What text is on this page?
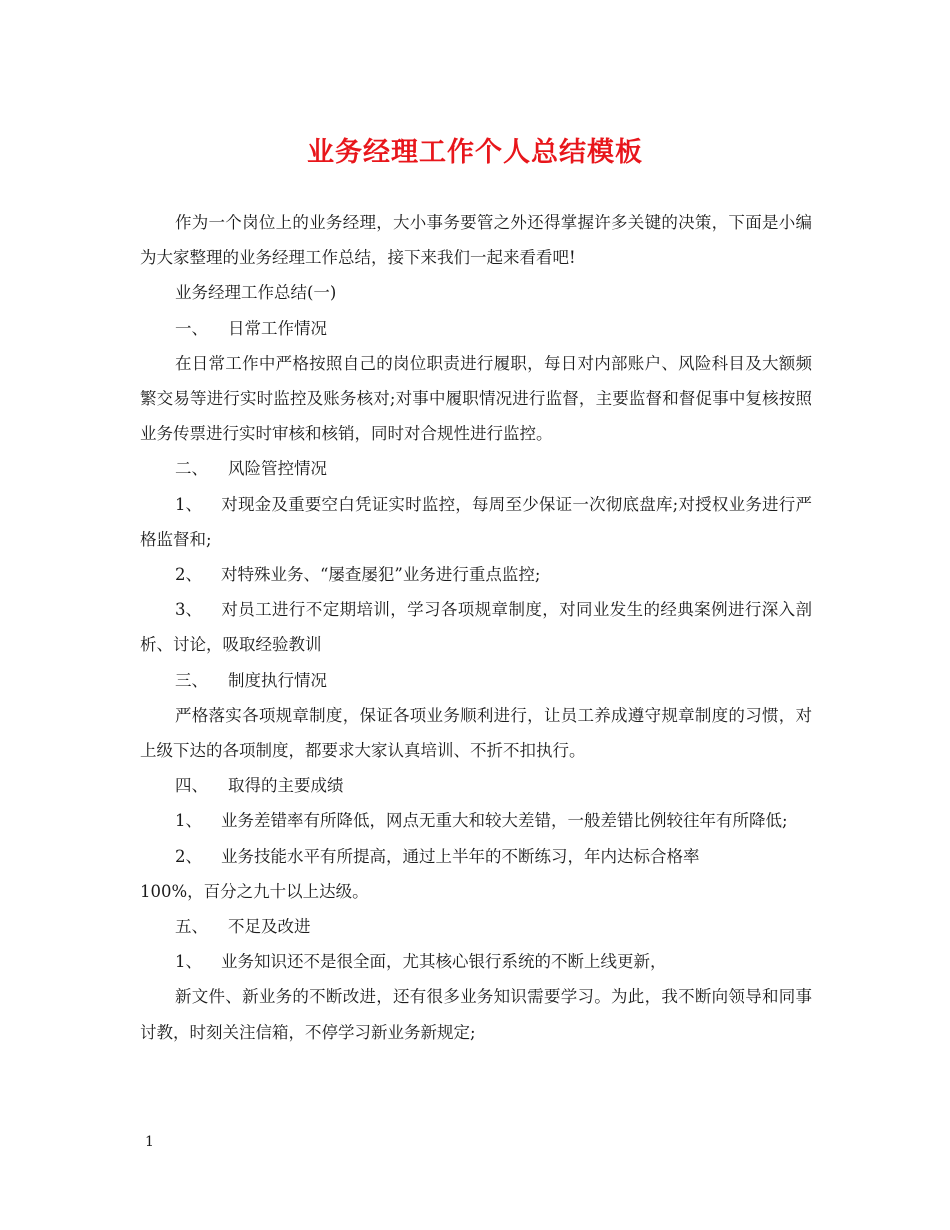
业务经理工作个人总结模板

作为一个岗位上的业务经理，大小事务要管之外还得掌握许多关键的决策，下面是小编为大家整理的业务经理工作总结，接下来我们一起来看看吧!

业务经理工作总结(一)

一、 日常工作情况

在日常工作中严格按照自己的岗位职责进行履职，每日对内部账户、风险科目及大额频繁交易等进行实时监控及账务核对;对事中履职情况进行监督，主要监督和督促事中复核按照业务传票进行实时审核和核销，同时对合规性进行监控。

二、 风险管控情况

1、 对现金及重要空白凭证实时监控，每周至少保证一次彻底盘库;对授权业务进行严格监督和;

2、 对特殊业务、“屡查屡犯”业务进行重点监控;

3、 对员工进行不定期培训，学习各项规章制度，对同业发生的经典案例进行深入剖析、讨论，吸取经验教训

三、 制度执行情况

严格落实各项规章制度，保证各项业务顺利进行，让员工养成遵守规章制度的习惯，对上级下达的各项制度，都要求大家认真培训、不折不扣执行。

四、 取得的主要成绩

1、 业务差错率有所降低，网点无重大和较大差错，一般差错比例较往年有所降低;

2、 业务技能水平有所提高，通过上半年的不断练习，年内达标合格率

100%，百分之九十以上达级。

五、 不足及改进

1、 业务知识还不是很全面，尤其核心银行系统的不断上线更新，

新文件、新业务的不断改进，还有很多业务知识需要学习。为此，我不断向领导和同事讨教，时刻关注信箱，不停学习新业务新规定;

1
